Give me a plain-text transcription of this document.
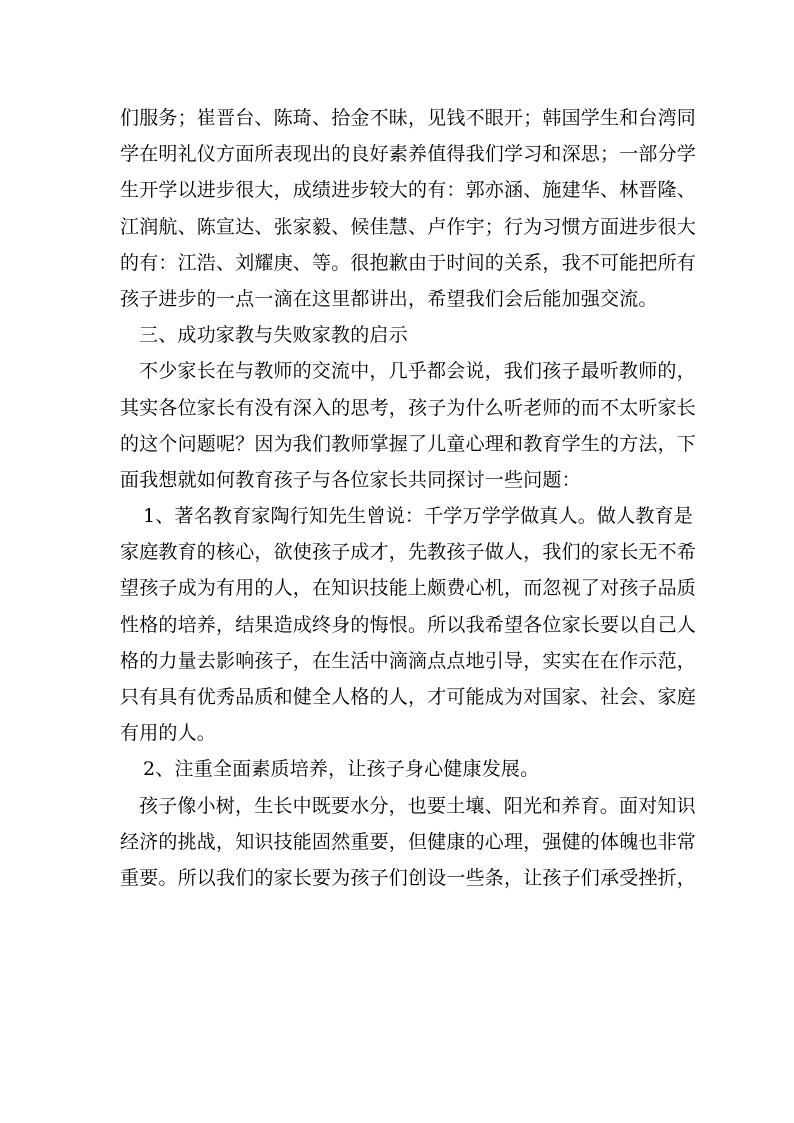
们服务；崔晋台、陈琦、拾金不昧，见钱不眼开；韩国学生和台湾同
学在明礼仪方面所表现出的良好素养值得我们学习和深思；一部分学
生开学以进步很大，成绩进步较大的有：郭亦涵、施建华、林晋隆、
江润航、陈宣达、张家毅、候佳慧、卢作宇；行为习惯方面进步很大
的有：江浩、刘耀庚、等。很抱歉由于时间的关系，我不可能把所有
孩子进步的一点一滴在这里都讲出，希望我们会后能加强交流。
三、成功家教与失败家教的启示
不少家长在与教师的交流中，几乎都会说，我们孩子最听教师的，
其实各位家长有没有深入的思考，孩子为什么听老师的而不太听家长
的这个问题呢？因为我们教师掌握了儿童心理和教育学生的方法，下
面我想就如何教育孩子与各位家长共同探讨一些问题：
1、著名教育家陶行知先生曾说：千学万学学做真人。做人教育是
家庭教育的核心，欲使孩子成才，先教孩子做人，我们的家长无不希
望孩子成为有用的人，在知识技能上颇费心机，而忽视了对孩子品质
性格的培养，结果造成终身的悔恨。所以我希望各位家长要以自己人
格的力量去影响孩子，在生活中滴滴点点地引导，实实在在作示范，
只有具有优秀品质和健全人格的人，才可能成为对国家、社会、家庭
有用的人。
2、注重全面素质培养，让孩子身心健康发展。
孩子像小树，生长中既要水分，也要土壤、阳光和养育。面对知识
经济的挑战，知识技能固然重要，但健康的心理，强健的体魄也非常
重要。所以我们的家长要为孩子们创设一些条，让孩子们承受挫折，
